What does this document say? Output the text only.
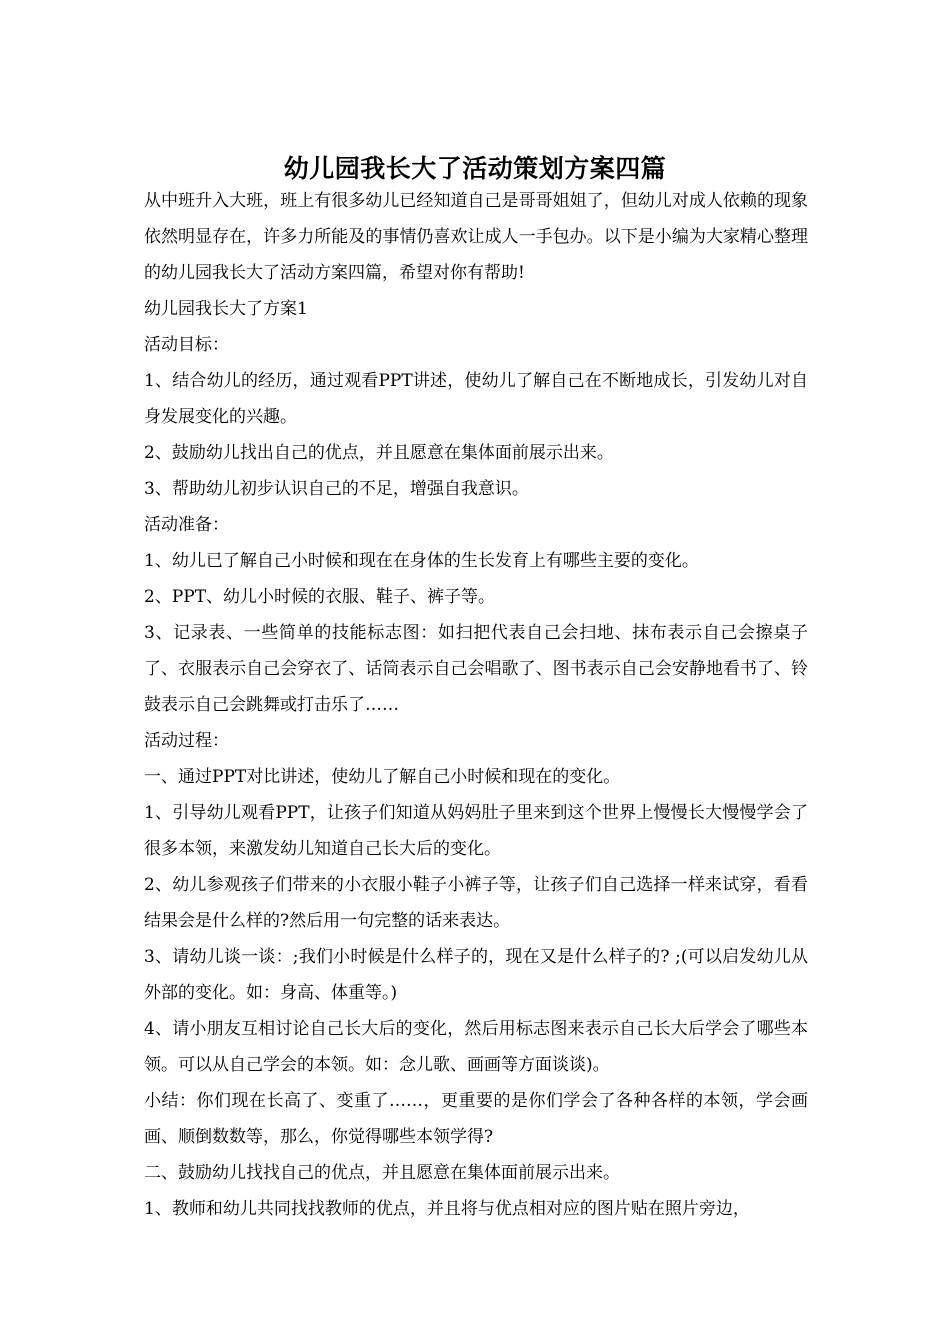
幼儿园我长大了活动策划方案四篇

从中班升入大班，班上有很多幼儿已经知道自己是哥哥姐姐了，但幼儿对成人依赖的现象依然明显存在，许多力所能及的事情仍喜欢让成人一手包办。以下是小编为大家精心整理的幼儿园我长大了活动方案四篇，希望对你有帮助!

幼儿园我长大了方案1

活动目标：

1、结合幼儿的经历，通过观看PPT讲述，使幼儿了解自己在不断地成长，引发幼儿对自身发展变化的兴趣。

2、鼓励幼儿找出自己的优点，并且愿意在集体面前展示出来。

3、帮助幼儿初步认识自己的不足，增强自我意识。

活动准备：

1、幼儿已了解自己小时候和现在在身体的生长发育上有哪些主要的变化。

2、PPT、幼儿小时候的衣服、鞋子、裤子等。

3、记录表、一些简单的技能标志图：如扫把代表自己会扫地、抹布表示自己会擦桌子了、衣服表示自己会穿衣了、话筒表示自己会唱歌了、图书表示自己会安静地看书了、铃鼓表示自己会跳舞或打击乐了……

活动过程：

一、通过PPT对比讲述，使幼儿了解自己小时候和现在的变化。

1、引导幼儿观看PPT，让孩子们知道从妈妈肚子里来到这个世界上慢慢长大慢慢学会了很多本领，来激发幼儿知道自己长大后的变化。

2、幼儿参观孩子们带来的小衣服小鞋子小裤子等，让孩子们自己选择一样来试穿，看看结果会是什么样的?然后用一句完整的话来表达。

3、请幼儿谈一谈：;我们小时候是什么样子的，现在又是什么样子的? ;(可以启发幼儿从外部的变化。如：身高、体重等。)

4、请小朋友互相讨论自己长大后的变化，然后用标志图来表示自己长大后学会了哪些本领。可以从自己学会的本领。如：念儿歌、画画等方面谈谈)。

小结：你们现在长高了、变重了……，更重要的是你们学会了各种各样的本领，学会画画、顺倒数数等，那么，你觉得哪些本领学得?

二、鼓励幼儿找找自己的优点，并且愿意在集体面前展示出来。

1、教师和幼儿共同找找教师的优点，并且将与优点相对应的图片贴在照片旁边，
